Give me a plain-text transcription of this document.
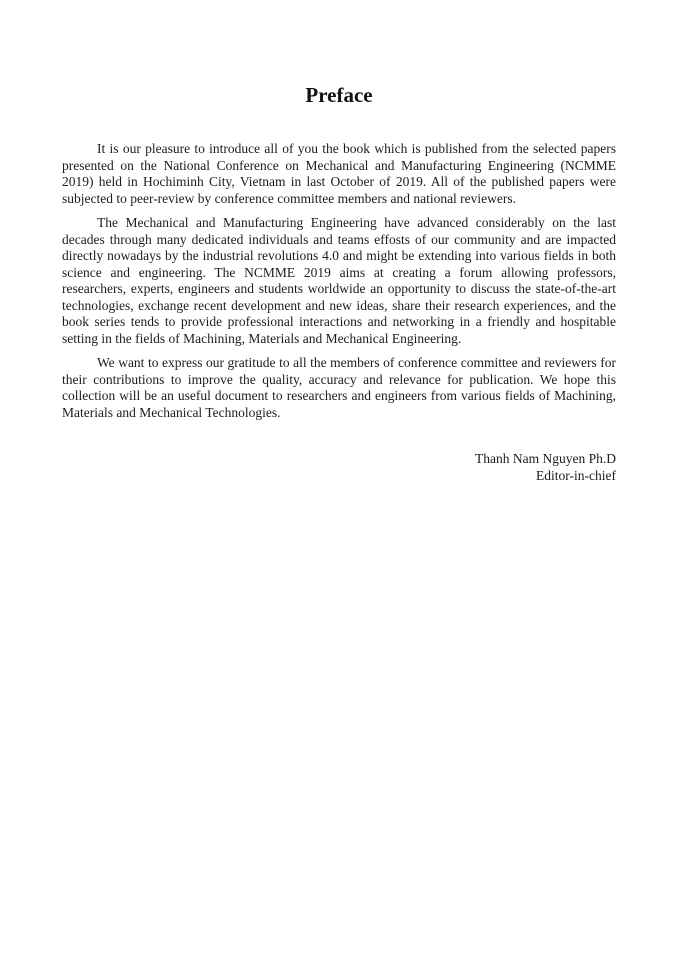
Preface

It is our pleasure to introduce all of you the book which is published from the selected papers presented on the National Conference on Mechanical and Manufacturing Engineering (NCMME 2019) held in Hochiminh City, Vietnam in last October of 2019. All of the published papers were subjected to peer-review by conference committee members and national reviewers.

The Mechanical and Manufacturing Engineering have advanced considerably on the last decades through many dedicated individuals and teams effosts of our community and are impacted directly nowadays by the industrial revolutions 4.0 and might be extending into various fields in both science and engineering. The NCMME 2019 aims at creating a forum allowing professors, researchers, experts, engineers and students worldwide an opportunity to discuss the state-of-the-art technologies, exchange recent development and new ideas, share their research experiences, and the book series tends to provide professional interactions and networking in a friendly and hospitable setting in the fields of Machining, Materials and Mechanical Engineering.

We want to express our gratitude to all the members of conference committee and reviewers for their contributions to improve the quality, accuracy and relevance for publication. We hope this collection will be an useful document to researchers and engineers from various fields of Machining, Materials and Mechanical Technologies.

Thanh Nam Nguyen Ph.D
Editor-in-chief
